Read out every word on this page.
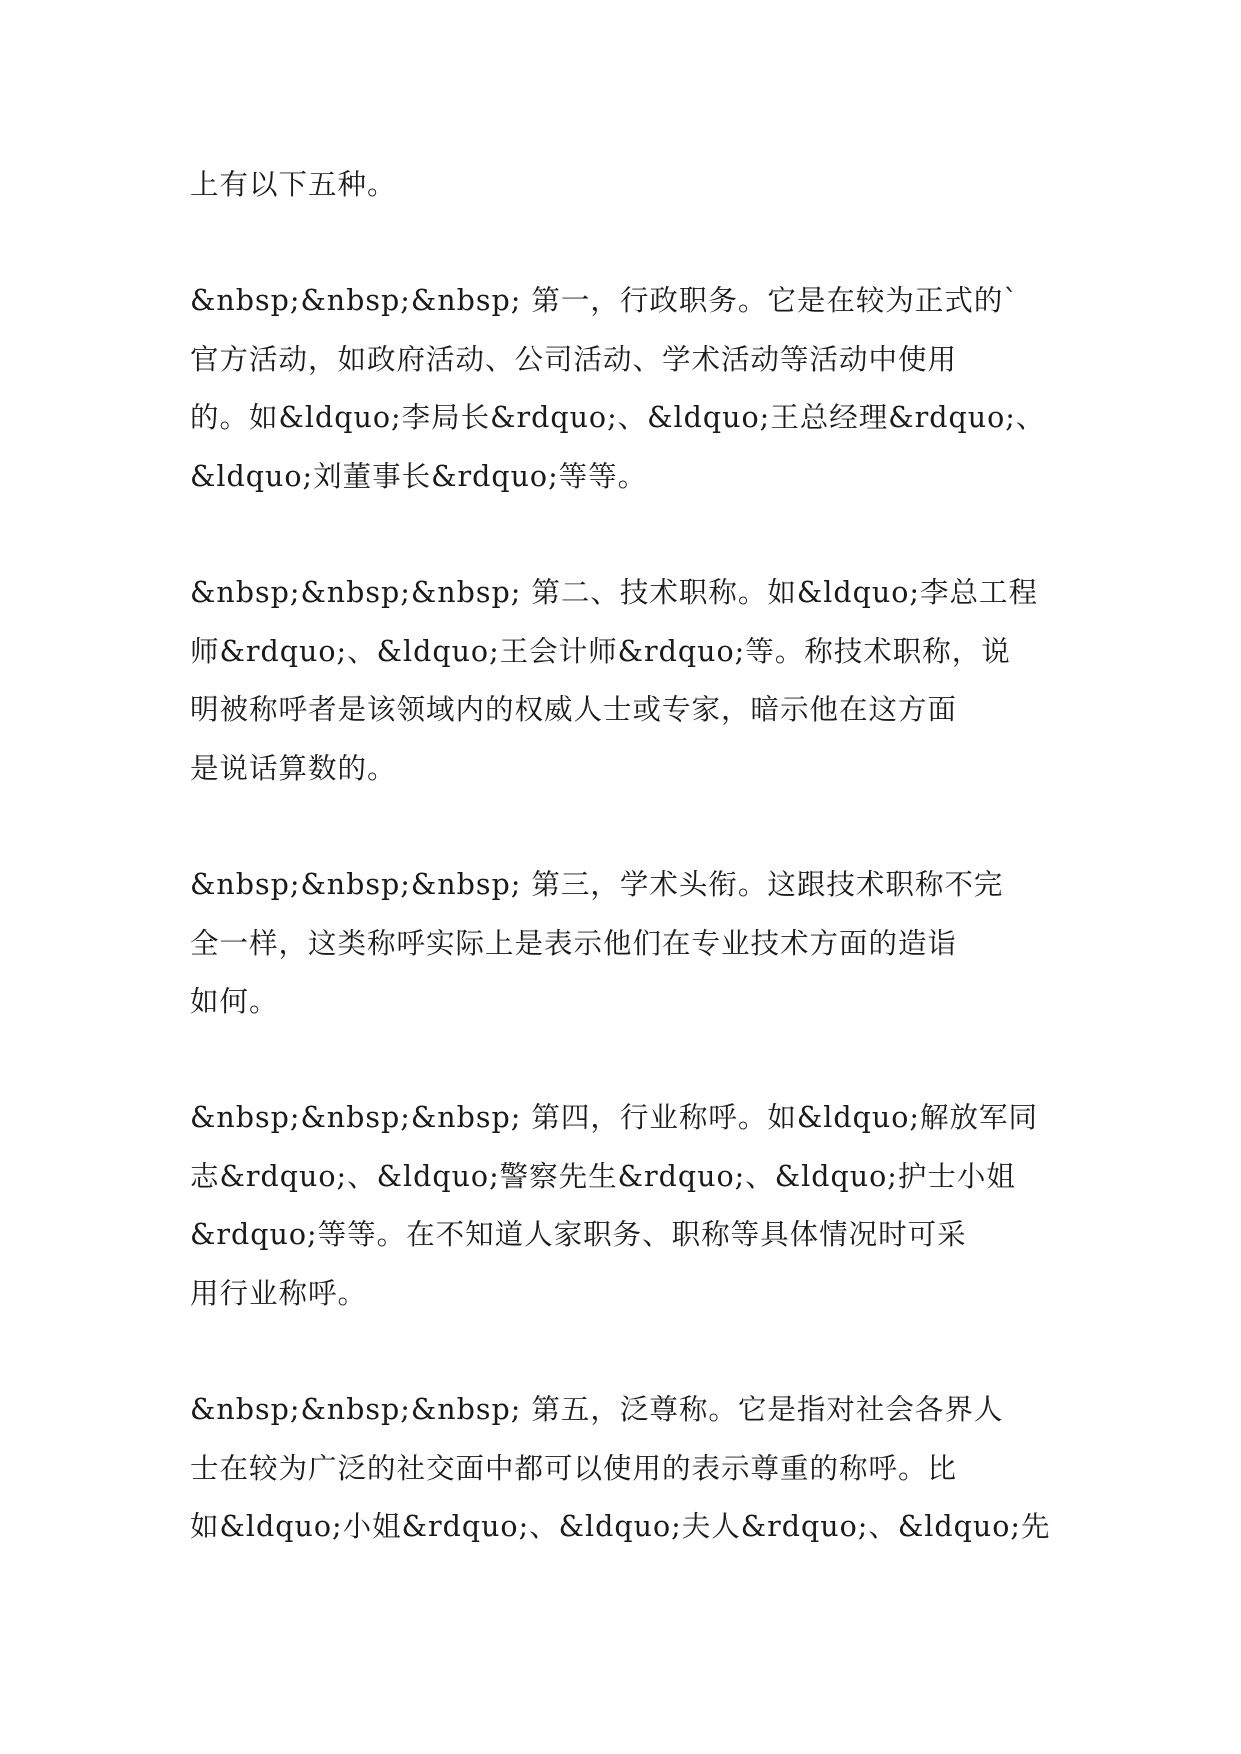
上有以下五种。
&nbsp;&nbsp;&nbsp; 第一，行政职务。它是在较为正式的`
官方活动，如政府活动、公司活动、学术活动等活动中使用
的。如&ldquo;李局长&rdquo;、&ldquo;王总经理&rdquo;、
&ldquo;刘董事长&rdquo;等等。
&nbsp;&nbsp;&nbsp; 第二、技术职称。如&ldquo;李总工程
师&rdquo;、&ldquo;王会计师&rdquo;等。称技术职称，说
明被称呼者是该领域内的权威人士或专家，暗示他在这方面
是说话算数的。
&nbsp;&nbsp;&nbsp; 第三，学术头衔。这跟技术职称不完
全一样，这类称呼实际上是表示他们在专业技术方面的造诣
如何。
&nbsp;&nbsp;&nbsp; 第四，行业称呼。如&ldquo;解放军同
志&rdquo;、&ldquo;警察先生&rdquo;、&ldquo;护士小姐
&rdquo;等等。在不知道人家职务、职称等具体情况时可采
用行业称呼。
&nbsp;&nbsp;&nbsp; 第五，泛尊称。它是指对社会各界人
士在较为广泛的社交面中都可以使用的表示尊重的称呼。比
如&ldquo;小姐&rdquo;、&ldquo;夫人&rdquo;、&ldquo;先
